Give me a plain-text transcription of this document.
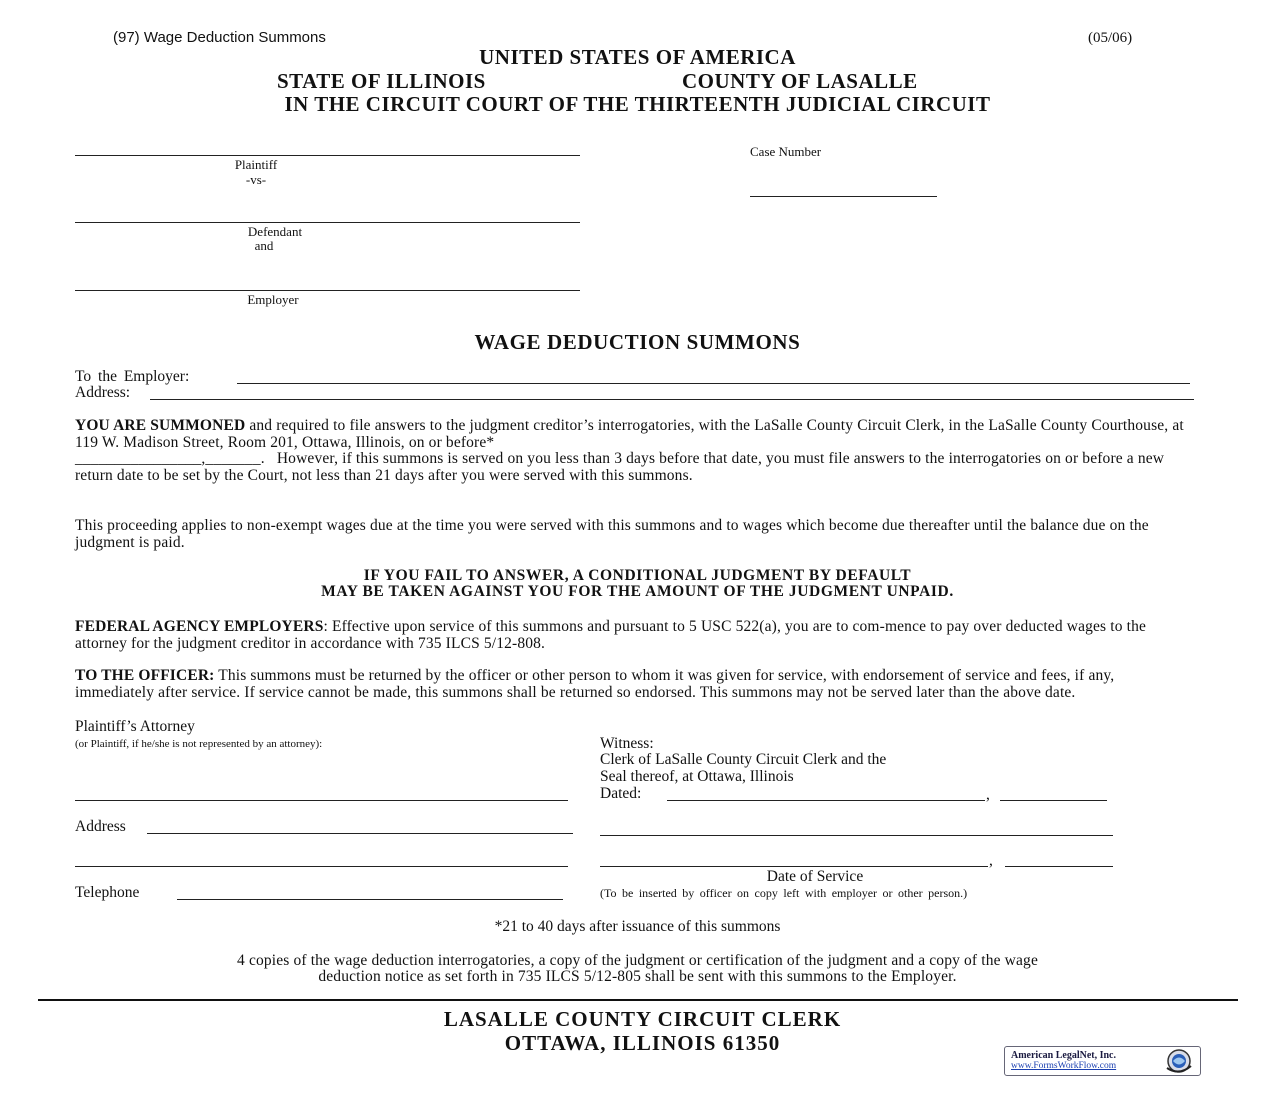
(97) Wage Deduction Summons	(05/06)
UNITED STATES OF AMERICA
STATE OF ILLINOIS	COUNTY OF LASALLE
IN THE CIRCUIT COURT OF THE THIRTEENTH JUDICIAL CIRCUIT
Plaintiff
-vs-
Defendant
and
Employer
Case Number
WAGE DEDUCTION SUMMONS
To the Employer:
Address:
YOU ARE SUMMONED and required to file answers to the judgment creditor’s interrogatories, with the LaSalle County Circuit Clerk, in the LaSalle County Courthouse, at 119 W. Madison Street, Room 201, Ottawa, Illinois, on or before*
________________,_______. However, if this summons is served on you less than 3 days before that date, you must file answers to the interrogatories on or before a new return date to be set by the Court, not less than 21 days after you were served with this summons.
This proceeding applies to non-exempt wages due at the time you were served with this summons and to wages which become due thereafter until the balance due on the judgment is paid.
IF YOU FAIL TO ANSWER, A CONDITIONAL JUDGMENT BY DEFAULT
MAY BE TAKEN AGAINST YOU FOR THE AMOUNT OF THE JUDGMENT UNPAID.
FEDERAL AGENCY EMPLOYERS: Effective upon service of this summons and pursuant to 5 USC 522(a), you are to com-mence to pay over deducted wages to the attorney for the judgment creditor in accordance with 735 ILCS 5/12-808.
TO THE OFFICER: This summons must be returned by the officer or other person to whom it was given for service, with endorsement of service and fees, if any, immediately after service. If service cannot be made, this summons shall be returned so endorsed. This summons may not be served later than the above date.
Plaintiff’s Attorney
(or Plaintiff, if he/she is not represented by an attorney):
Address
Telephone
Witness:
Clerk of LaSalle County Circuit Clerk and the
Seal thereof, at Ottawa, Illinois
Dated:	,
,
Date of Service
(To be inserted by officer on copy left with employer or other person.)
*21 to 40 days after issuance of this summons
4 copies of the wage deduction interrogatories, a copy of the judgment or certification of the judgment and a copy of the wage
deduction notice as set forth in 735 ILCS 5/12-805 shall be sent with this summons to the Employer.
LASALLE COUNTY CIRCUIT CLERK
OTTAWA, ILLINOIS 61350
American LegalNet, Inc.
www.FormsWorkFlow.com
